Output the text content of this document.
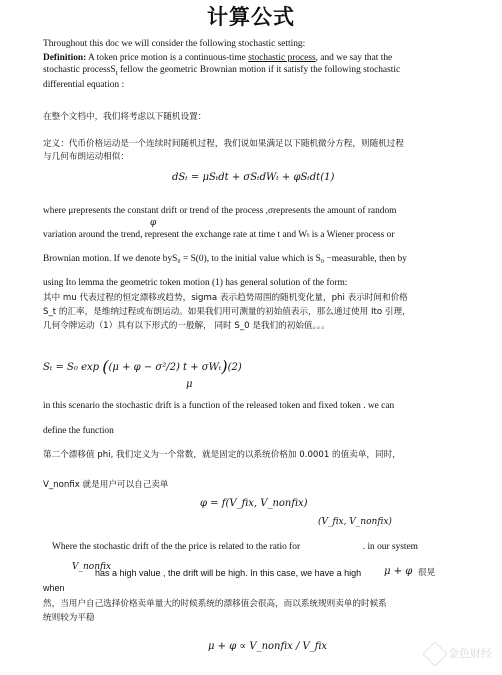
计算公式
Throughout this doc we will consider the following stochastic setting:
Definition: A token price motion is a continuous-time stochastic process, and we say that the
stochastic processS$_t$ fellow the geometric Brownian motion if it satisfy the following stochastic
differential equation :
在整个文档中，我们将考虑以下随机设置：
定义：代币价格运动是一个连续时间随机过程，我们说如果满足以下随机微分方程，则随机过程
与几何布朗运动相似：
dSₜ = μSₜdt + σSₜdWₜ + φSₜdt(1)
where μrepresents the constant drift or trend of the process ,σrepresents the amount of random
variation around the trend, represent the exchange rate at time t and Wₜ is a Wiener process or
Brownian motion. If we denote byS₀ = S(0), to the initial value which is S₀ −measurable, then by
using Ito lemma the geometric token motion (1) has general solution of the form:
φ
其中 mu 代表过程的恒定漂移或趋势，sigma 表示趋势周围的随机变化量，phi 表示时间和价格
S_t 的汇率，是维纳过程或布朗运动。如果我们用可测量的初始值表示，那么通过使用 Ito 引理，
几何令牌运动（1）具有以下形式的一般解， 同时 S_0 是我们的初始值。。。
Sₜ = S₀ exp ((μ + φ − σ²/2) t + σWₜ)(2)
μ
in this scenario the stochastic drift is a function of the released token and fixed token . we can
define the function
第二个漂移值 phi, 我们定义为一个常数，就是固定的以系统价格加 0.0001 的值卖单，同时，
V_nonfix 就是用户可以自己卖单
φ = f(V_fix, V_nonfix)
(V_fix, V_nonfix)
Where the stochastic drift of the the price is related to the ratio for	. in our system
V_nonfix
has a high value , the drift will be high. In this case, we have a high	μ + φ 很晃
when
然，当用户自己选择价格卖单量大的时候系统的漂移值会很高，而以系统规则卖单的时候系
统则较为平稳
μ + φ ∝ V_nonfix / V_fix
金色财经
